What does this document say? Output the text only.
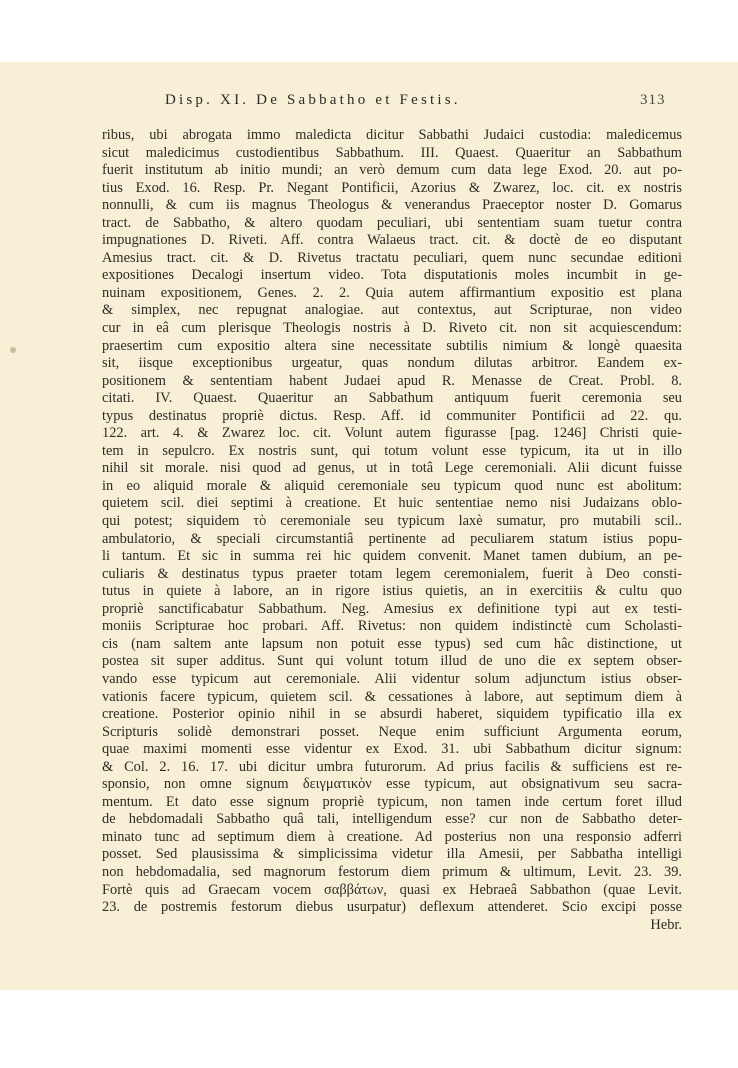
Disp. XI. De Sabbatho et Festis.	313
ribus, ubi abrogata immo maledicta dicitur Sabbathi Judaici custodia: maledicemus
sicut maledicimus custodientibus Sabbathum. III. Quaest. Quaeritur an Sabbathum
fuerit institutum ab initio mundi; an verò demum cum data lege Exod. 20. aut po-
tius Exod. 16. Resp. Pr. Negant Pontificii, Azorius & Zwarez, loc. cit. ex nostris
nonnulli, & cum iis magnus Theologus & venerandus Praeceptor noster D. Gomarus
tract. de Sabbatho, & altero quodam peculiari, ubi sententiam suam tuetur contra
impugnationes D. Riveti. Aff. contra Walaeus tract. cit. & doctè de eo disputant
Amesius tract. cit. & D. Rivetus tractatu peculiari, quem nunc secundae editioni
expositiones Decalogi insertum video. Tota disputationis moles incumbit in ge-
nuinam expositionem, Genes. 2. 2. Quia autem affirmantium expositio est plana
& simplex, nec repugnat analogiae. aut contextus, aut Scripturae, non video
cur in eâ cum plerisque Theologis nostris à D. Riveto cit. non sit acquiescendum:
praesertim cum expositio altera sine necessitate subtilis nimium & longè quaesita
sit, iisque exceptionibus urgeatur, quas nondum dilutas arbitror. Eandem ex-
positionem & sententiam habent Judaei apud R. Menasse de Creat. Probl. 8.
citati. IV. Quaest. Quaeritur an Sabbathum antiquum fuerit ceremonia seu
typus destinatus propriè dictus. Resp. Aff. id communiter Pontificii ad 22. qu.
122. art. 4. & Zwarez loc. cit. Volunt autem figurasse [pag. 1246] Christi quie-
tem in sepulcro. Ex nostris sunt, qui totum volunt esse typicum, ita ut in illo
nihil sit morale. nisi quod ad genus, ut in totâ Lege ceremoniali. Alii dicunt fuisse
in eo aliquid morale & aliquid ceremoniale seu typicum quod nunc est abolitum:
quietem scil. diei septimi à creatione. Et huic sententiae nemo nisi Judaizans oblo-
qui potest; siquidem τὸ ceremoniale seu typicum laxè sumatur, pro mutabili scil..
ambulatorio, & speciali circumstantiâ pertinente ad peculiarem statum istius popu-
li tantum. Et sic in summa rei hic quidem convenit. Manet tamen dubium, an pe-
culiaris & destinatus typus praeter totam legem ceremonialem, fuerit à Deo consti-
tutus in quiete à labore, an in rigore istius quietis, an in exercitiis & cultu quo
propriè sanctificabatur Sabbathum. Neg. Amesius ex definitione typi aut ex testi-
moniis Scripturae hoc probari. Aff. Rivetus: non quidem indistinctè cum Scholasti-
cis (nam saltem ante lapsum non potuit esse typus) sed cum hâc distinctione, ut
postea sit super additus. Sunt qui volunt totum illud de uno die ex septem obser-
vando esse typicum aut ceremoniale. Alii videntur solum adjunctum istius obser-
vationis facere typicum, quietem scil. & cessationes à labore, aut septimum diem à
creatione. Posterior opinio nihil in se absurdi haberet, siquidem typificatio illa ex
Scripturis solidè demonstrari posset. Neque enim sufficiunt Argumenta eorum,
quae maximi momenti esse videntur ex Exod. 31. ubi Sabbathum dicitur signum:
& Col. 2. 16. 17. ubi dicitur umbra futurorum. Ad prius facilis & sufficiens est re-
sponsio, non omne signum δειγματικὸν esse typicum, aut obsignativum seu sacra-
mentum. Et dato esse signum propriè typicum, non tamen inde certum foret illud
de hebdomadali Sabbatho quâ tali, intelligendum esse? cur non de Sabbatho deter-
minato tunc ad septimum diem à creatione. Ad posterius non una responsio adferri
posset. Sed plausissima & simplicissima videtur illa Amesii, per Sabbatha intelligi
non hebdomadalia, sed magnorum festorum diem primum & ultimum, Levit. 23. 39.
Fortè quis ad Graecam vocem σαββάτων, quasi ex Hebraeâ Sabbathon (quae Levit.
23. de postremis festorum diebus usurpatur) deflexum attenderet. Scio excipi posse
Hebr.
